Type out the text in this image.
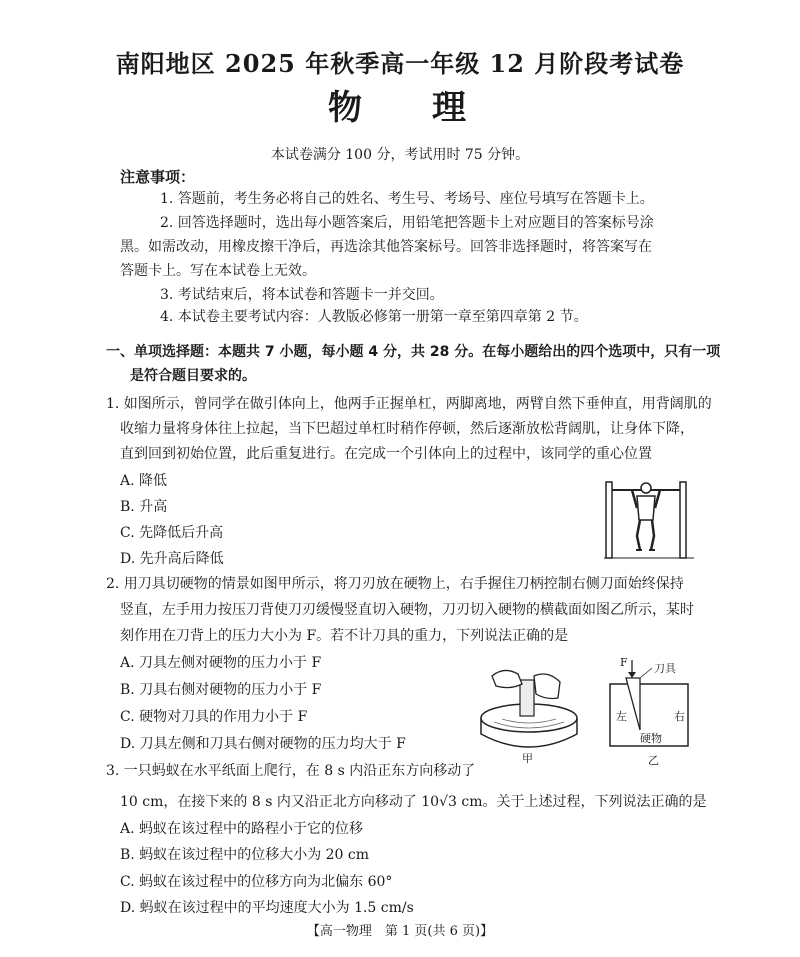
南阳地区 2025 年秋季高一年级 12 月阶段考试卷
物 理
本试卷满分 100 分，考试用时 75 分钟。
注意事项：
1. 答题前，考生务必将自己的姓名、考生号、考场号、座位号填写在答题卡上。
2. 回答选择题时，选出每小题答案后，用铅笔把答题卡上对应题目的答案标号涂
黑。如需改动，用橡皮擦干净后，再选涂其他答案标号。回答非选择题时，将答案写在
答题卡上。写在本试卷上无效。
3. 考试结束后，将本试卷和答题卡一并交回。
4. 本试卷主要考试内容：人教版必修第一册第一章至第四章第 2 节。
一、单项选择题：本题共 7 小题，每小题 4 分，共 28 分。在每小题给出的四个选项中，只有一项
是符合题目要求的。
1. 如图所示，曾同学在做引体向上，他两手正握单杠，两脚离地，两臂自然下垂伸直，用背阔肌的
收缩力量将身体往上拉起，当下巴超过单杠时稍作停顿，然后逐渐放松背阔肌，让身体下降，
直到回到初始位置，此后重复进行。在完成一个引体向上的过程中，该同学的重心位置
A. 降低
B. 升高
C. 先降低后升高
D. 先升高后降低
2. 用刀具切硬物的情景如图甲所示，将刀刃放在硬物上，右手握住刀柄控制右侧刀面始终保持
竖直，左手用力按压刀背使刀刃缓慢竖直切入硬物，刀刃切入硬物的横截面如图乙所示，某时
刻作用在刀背上的压力大小为 F。若不计刀具的重力，下列说法正确的是
A. 刀具左侧对硬物的压力小于 F
B. 刀具右侧对硬物的压力小于 F
C. 硬物对刀具的作用力小于 F
D. 刀具左侧和刀具右侧对硬物的压力均大于 F
甲
F 刀具
左	右
硬物
乙
3. 一只蚂蚁在水平纸面上爬行，在 8 s 内沿正东方向移动了
10 cm，在接下来的 8 s 内又沿正北方向移动了 10√3 cm。关于上述过程，下列说法正确的是
A. 蚂蚁在该过程中的路程小于它的位移
B. 蚂蚁在该过程中的位移大小为 20 cm
C. 蚂蚁在该过程中的位移方向为北偏东 60°
D. 蚂蚁在该过程中的平均速度大小为 1.5 cm/s
【高一物理　第 1 页(共 6 页)】
